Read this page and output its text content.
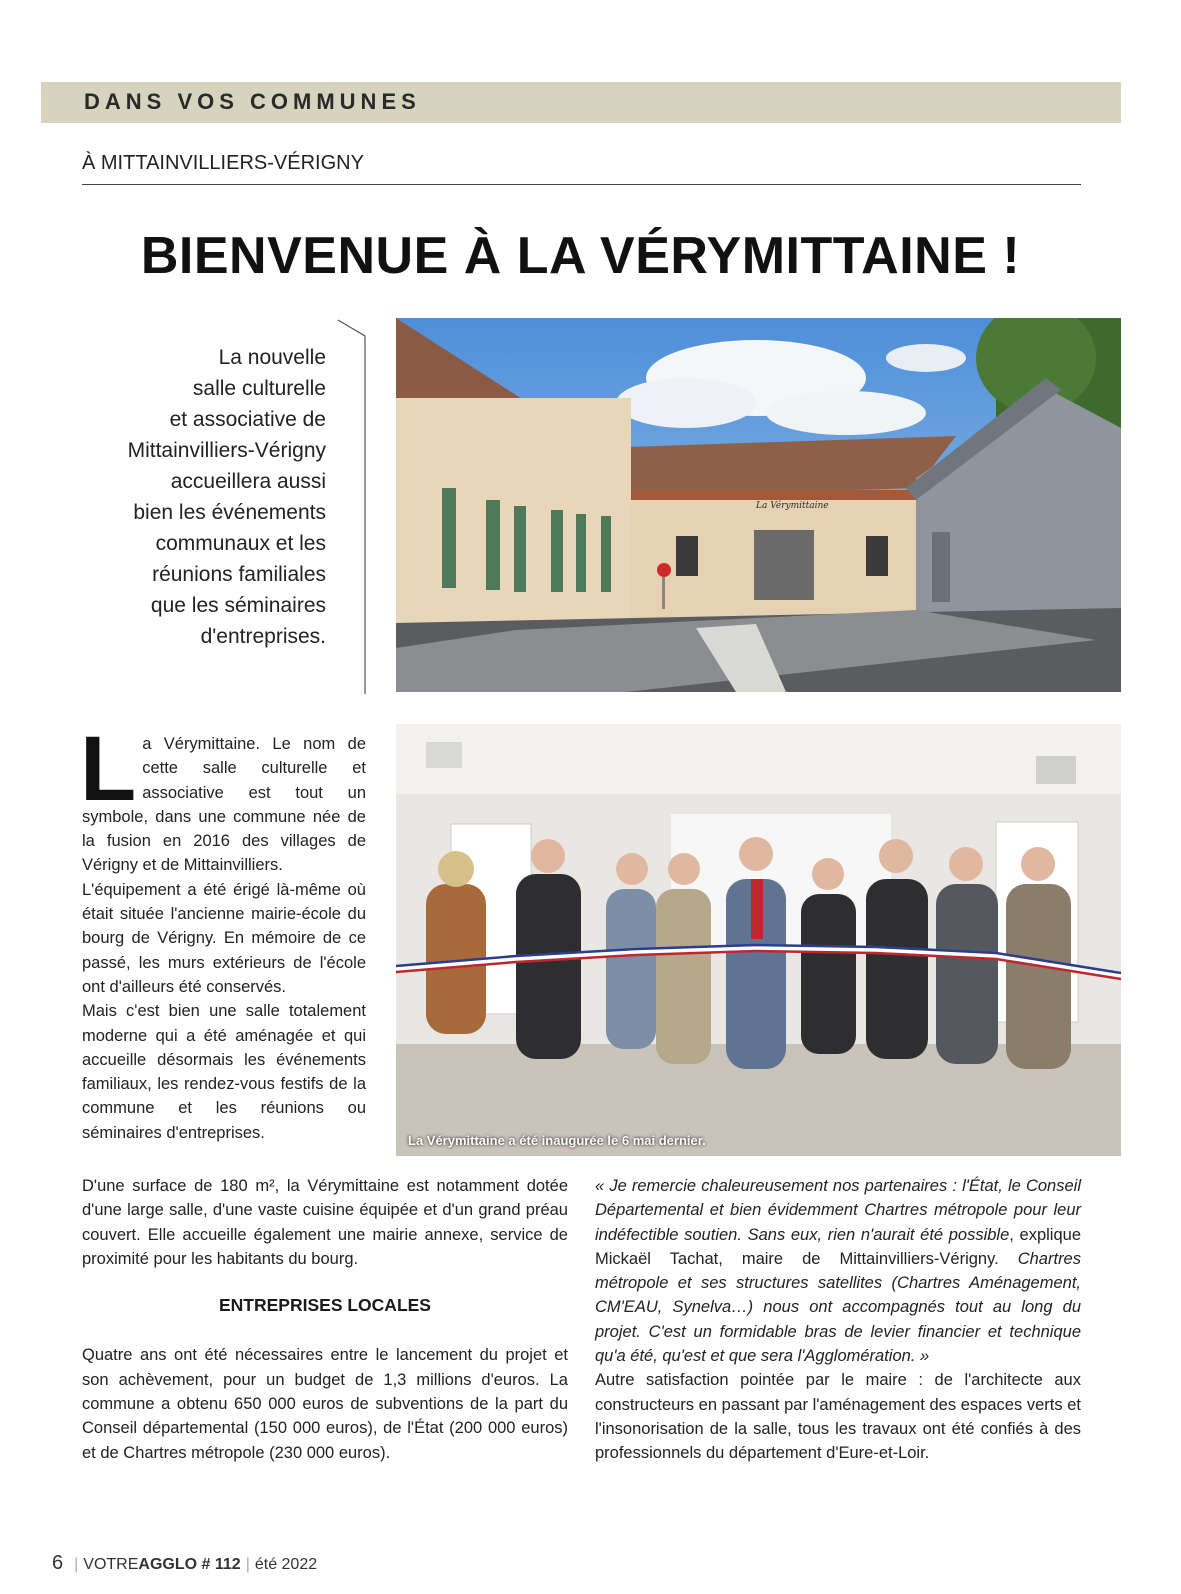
DANS VOS COMMUNES
À MITTAINVILLIERS-VÉRIGNY
BIENVENUE À LA VÉRYMITTAINE !
La nouvelle
salle culturelle
et associative de
Mittainvilliers-Vérigny
accueillera aussi
bien les événements
communaux et les
réunions familiales
que les séminaires
d'entreprises.
La Vérymittaine
La Vérymittaine a été inaugurée le 6 mai dernier.
L a Vérymittaine. Le nom de cette salle culturelle et associative est tout un symbole, dans une commune née de la fusion en 2016 des villages de Vérigny et de Mittainvilliers.

L'équipement a été érigé là-même où était située l'ancienne mairie-école du bourg de Vérigny. En mémoire de ce passé, les murs extérieurs de l'école ont d'ailleurs été conservés.

Mais c'est bien une salle totalement moderne qui a été aménagée et qui accueille désormais les événements familiaux, les rendez-vous festifs de la commune et les réunions ou séminaires d'entreprises.

D'une surface de 180 m², la Vérymittaine est notamment dotée d'une large salle, d'une vaste cuisine équipée et d'un grand préau couvert. Elle accueille également une mairie annexe, service de proximité pour les habitants du bourg.

ENTREPRISES LOCALES

Quatre ans ont été nécessaires entre le lancement du projet et son achèvement, pour un budget de 1,3 millions d'euros. La commune a obtenu 650 000 euros de subventions de la part du Conseil départemental (150 000 euros), de l'État (200 000 euros) et de Chartres métropole (230 000 euros).

« Je remercie chaleureusement nos partenaires : l'État, le Conseil Départemental et bien évidemment Chartres métropole pour leur indéfectible soutien. Sans eux, rien n'aurait été possible, explique Mickaël Tachat, maire de Mittainvilliers-Vérigny. Chartres métropole et ses structures satellites (Chartres Aménagement, CM'EAU, Synelva…) nous ont accompagnés tout au long du projet. C'est un formidable bras de levier financier et technique qu'a été, qu'est et que sera l'Agglomération. »

Autre satisfaction pointée par le maire : de l'architecte aux constructeurs en passant par l'aménagement des espaces verts et l'insonorisation de la salle, tous les travaux ont été confiés à des professionnels du département d'Eure-et-Loir.

6 | VOTREAGGLO # 112 | été 2022
